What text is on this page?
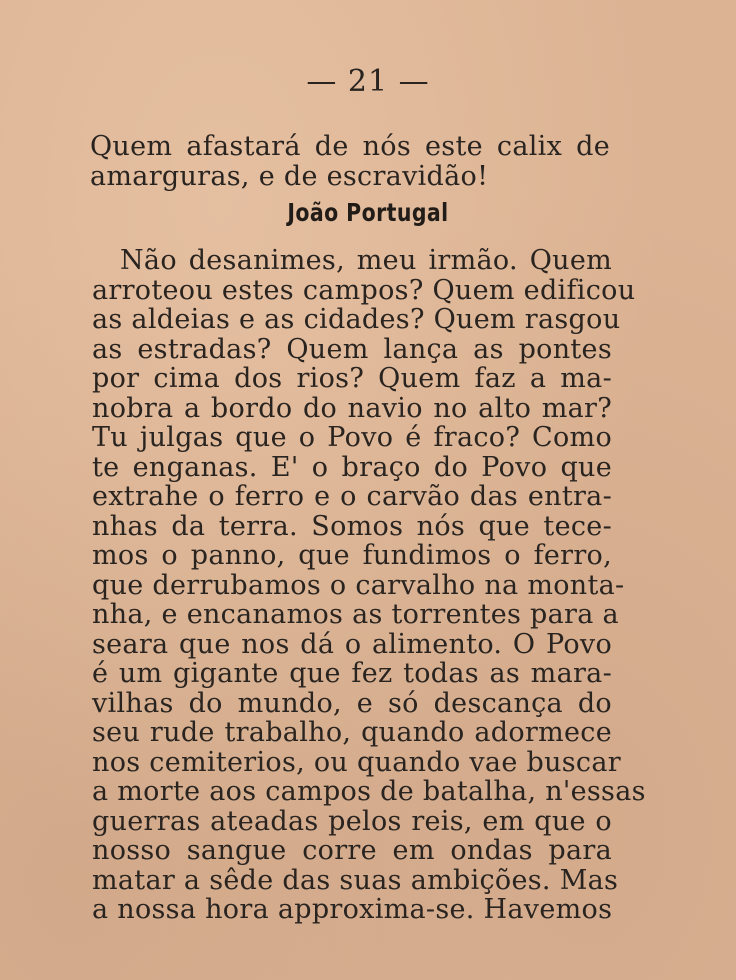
— 21 —
Quem afastará de nós este calix de
amarguras, e de escravidão!
João Portugal
Não desanimes, meu irmão. Quem
arroteou estes campos? Quem edificou
as aldeias e as cidades? Quem rasgou
as estradas? Quem lança as pontes
por cima dos rios? Quem faz a ma-
nobra a bordo do navio no alto mar?
Tu julgas que o Povo é fraco? Como
te enganas. E' o braço do Povo que
extrahe o ferro e o carvão das entra-
nhas da terra. Somos nós que tece-
mos o panno, que fundimos o ferro,
que derrubamos o carvalho na monta-
nha, e encanamos as torrentes para a
seara que nos dá o alimento. O Povo
é um gigante que fez todas as mara-
vilhas do mundo, e só descança do
seu rude trabalho, quando adormece
nos cemiterios, ou quando vae buscar
a morte aos campos de batalha, n'essas
guerras ateadas pelos reis, em que o
nosso sangue corre em ondas para
matar a sêde das suas ambições. Mas
a nossa hora approxima-se. Havemos
